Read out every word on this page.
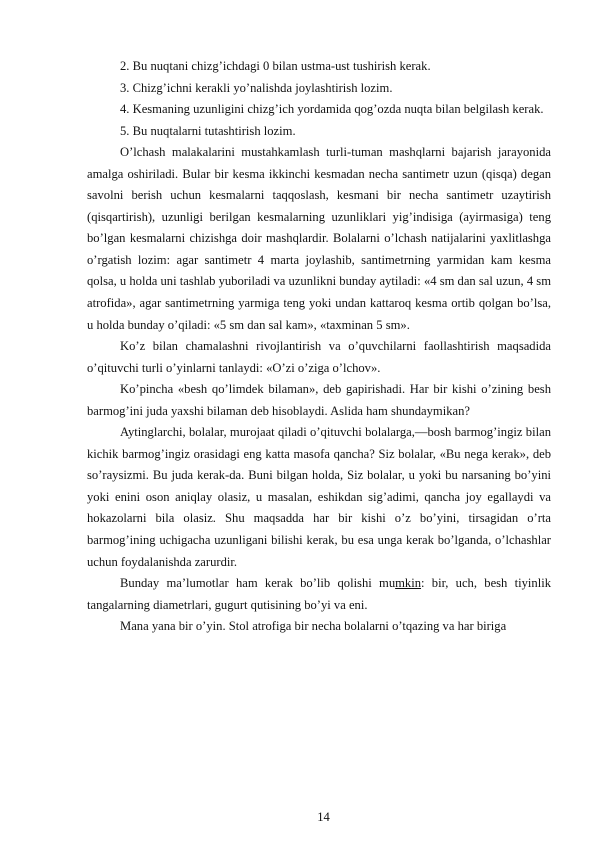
2. Bu nuqtani chizg’ichdagi 0 bilan ustma-ust tushirish kerak.

3. Chizg’ichni kerakli yo’nalishda joylashtirish lozim.

4. Kesmaning uzunligini chizg’ich yordamida qog’ozda nuqta bilan belgilash kerak.

5. Bu nuqtalarni tutashtirish lozim.

O’lchash malakalarini mustahkamlash turli-tuman mashqlarni bajarish jarayonida amalga oshiriladi. Bular bir kesma ikkinchi kesmadan necha santimetr uzun (qisqa) degan savolni berish uchun kesmalarni taqqoslash, kesmani bir necha santimetr uzaytirish (qisqartirish), uzunligi berilgan kesmalarning uzunliklari yig’indisiga (ayirmasiga) teng bo’lgan kesmalarni chizishga doir mashqlardir. Bolalarni o’lchash natijalarini yaxlitlashga o’rgatish lozim: agar santimetr 4 marta joylashib, santimetrning yarmidan kam kesma qolsa, u holda uni tashlab yuboriladi va uzunlikni bunday aytiladi: «4 sm dan sal uzun, 4 sm atrofida», agar santimetrning yarmiga teng yoki undan kattaroq kesma ortib qolgan bo’lsa, u holda bunday o’qiladi: «5 sm dan sal kam», «taxminan 5 sm».

Ko’z bilan chamalashni rivojlantirish va o’quvchilarni faollashtirish maqsadida o’qituvchi turli o’yinlarni tanlaydi: «O’zi o’ziga o’lchov».

Ko’pincha «besh qo’limdek bilaman», deb gapirishadi. Har bir kishi o’zining besh barmog’ini juda yaxshi bilaman deb hisoblaydi. Aslida ham shundaymikan?

Aytinglarchi, bolalar, murojaat qiladi o’qituvchi bolalarga,—bosh barmog’ingiz bilan kichik barmog’ingiz orasidagi eng katta masofa qancha? Siz bolalar, «Bu nega kerak», deb so’raysizmi. Bu juda kerak-da. Buni bilgan holda, Siz bolalar, u yoki bu narsaning bo’yini yoki enini oson aniqlay olasiz, u masalan, eshikdan sig’adimi, qancha joy egallaydi va hokazolarni bila olasiz. Shu maqsadda har bir kishi o’z bo’yini, tirsagidan o’rta barmog’ining uchigacha uzunligani bilishi kerak, bu esa unga kerak bo’lganda, o’lchashlar uchun foydalanishda zarurdir.

Bunday ma’lumotlar ham kerak bo’lib qolishi mumkin: bir, uch, besh tiyinlik tangalarning diametrlari, gugurt qutisining bo’yi va eni.

Mana yana bir o’yin. Stol atrofiga bir necha bolalarni o’tqazing va har biriga

14
